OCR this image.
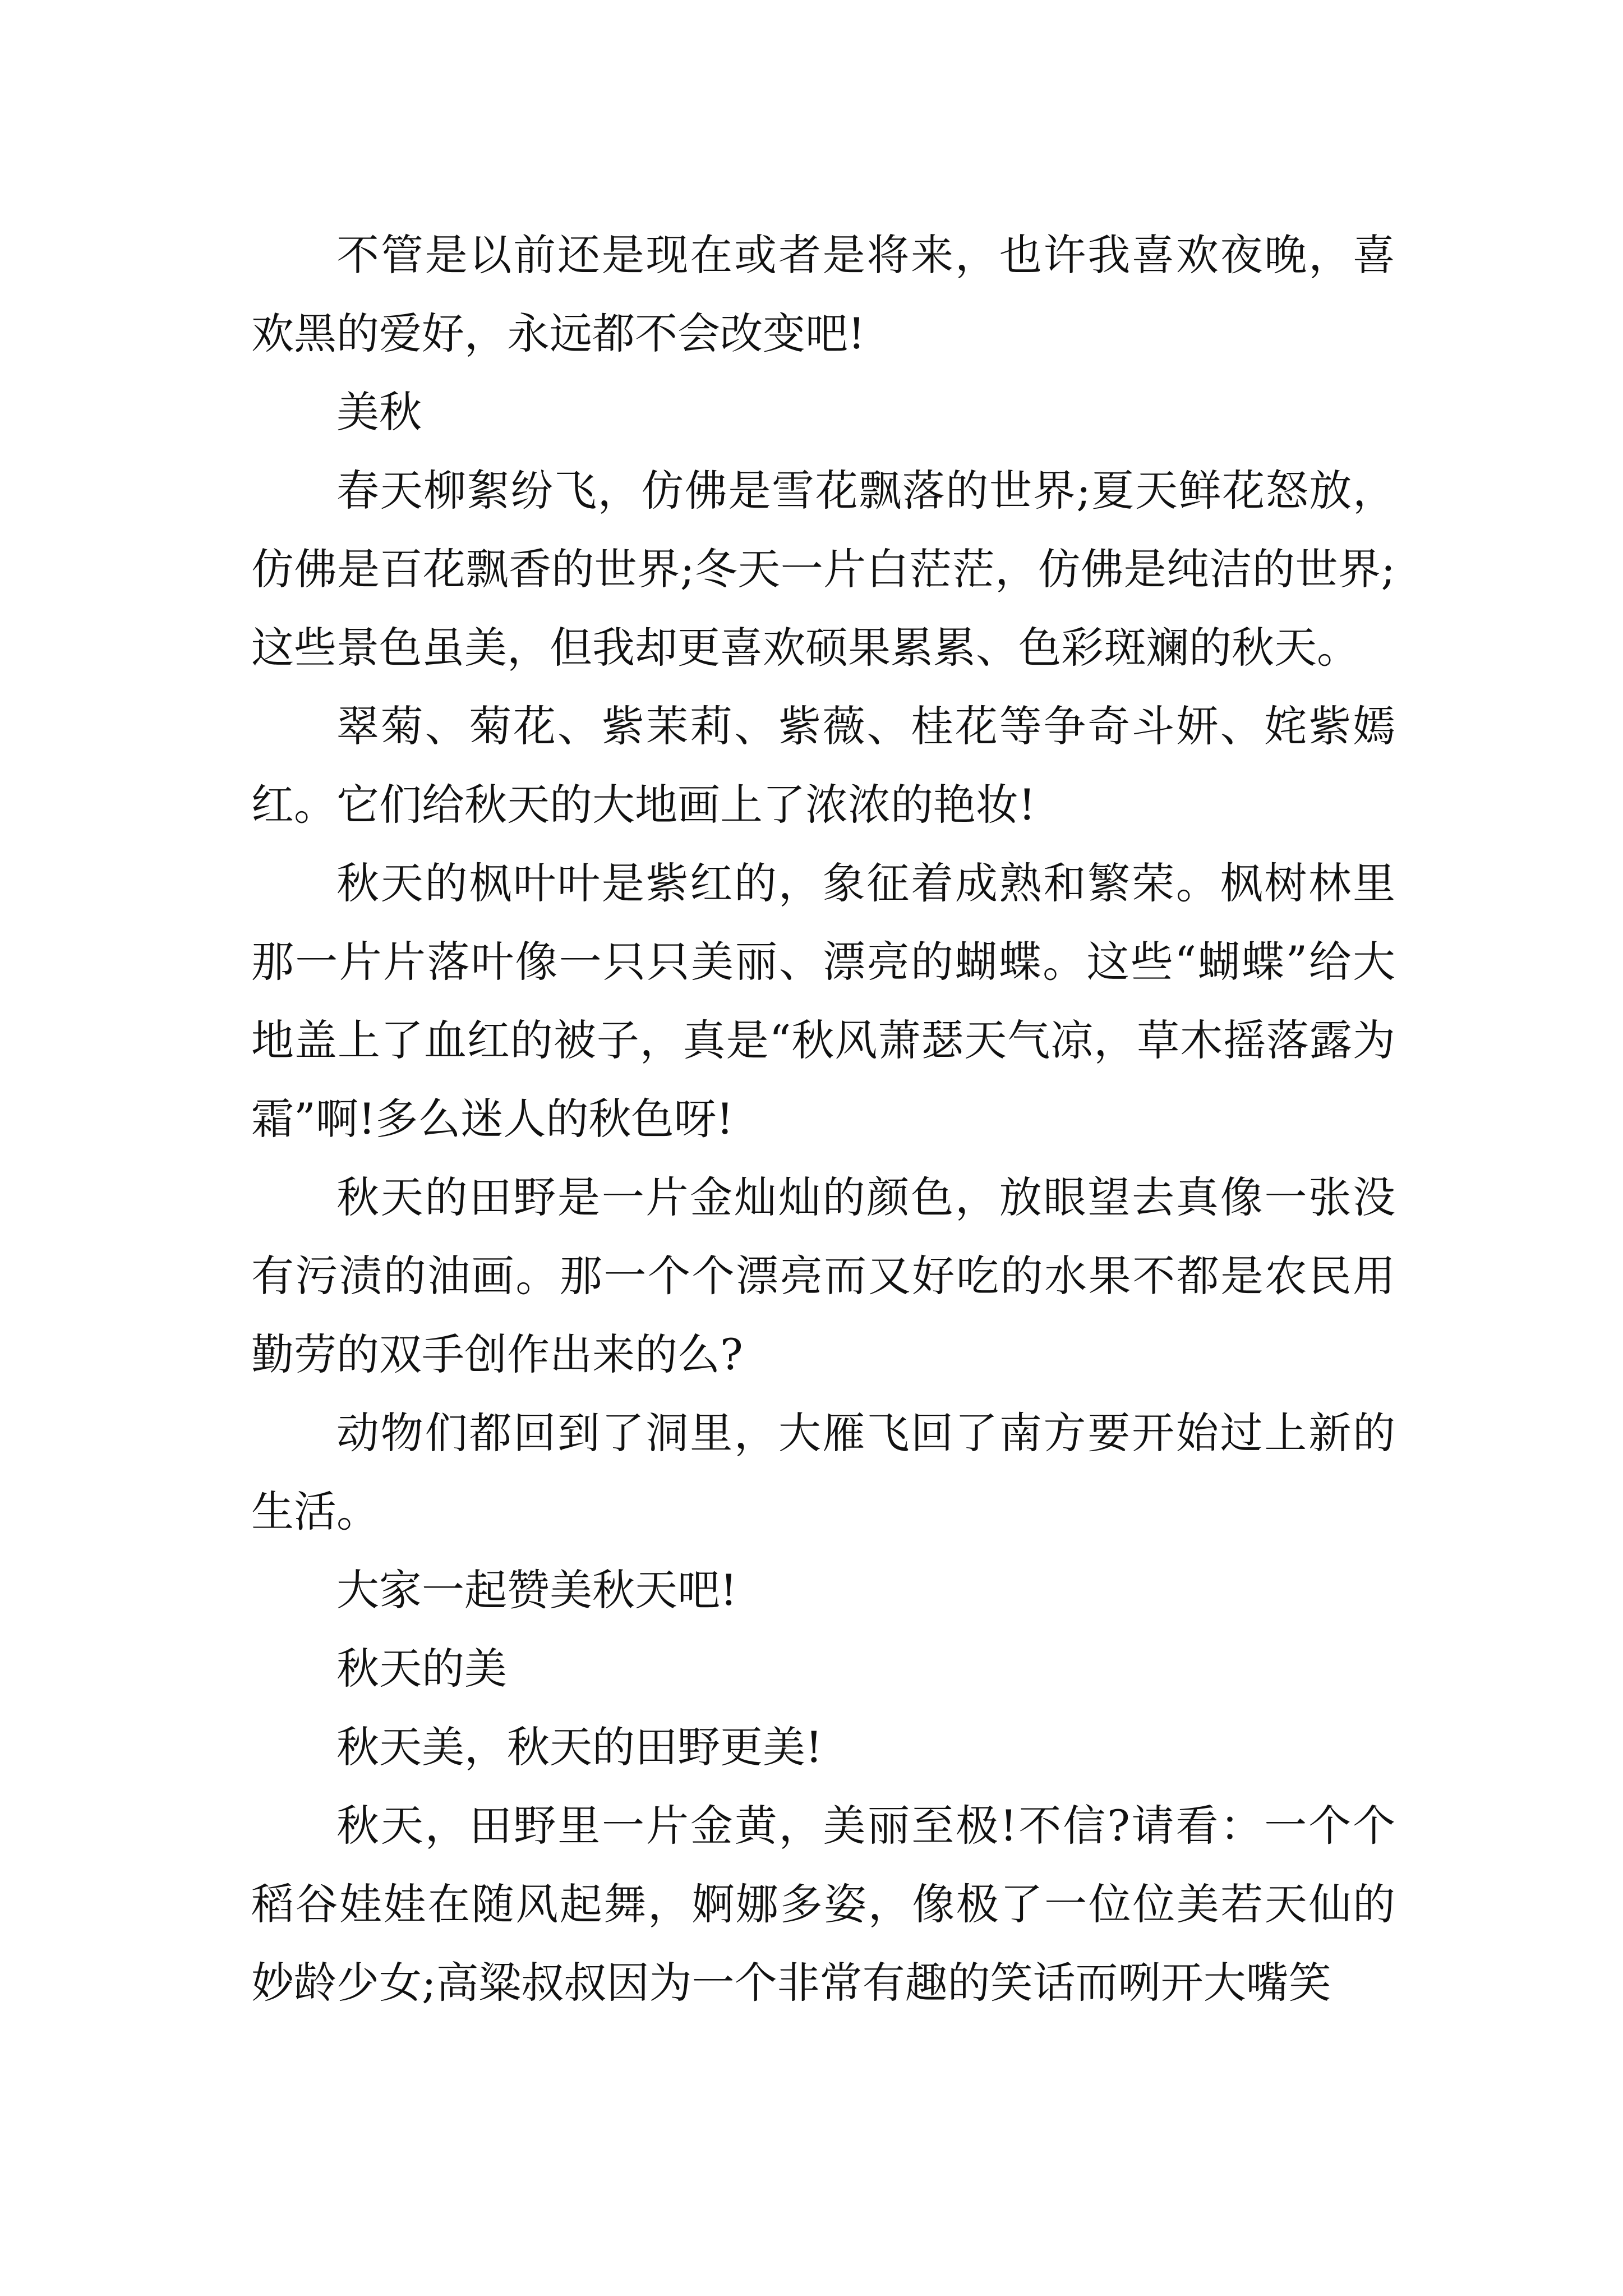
不管是以前还是现在或者是将来，也许我喜欢夜晚，喜欢黑的爱好，永远都不会改变吧!

美秋

春天柳絮纷飞，仿佛是雪花飘落的世界;夏天鲜花怒放，仿佛是百花飘香的世界;冬天一片白茫茫，仿佛是纯洁的世界;这些景色虽美，但我却更喜欢硕果累累、色彩斑斓的秋天。

翠菊、菊花、紫茉莉、紫薇、桂花等争奇斗妍、姹紫嫣红。它们给秋天的大地画上了浓浓的艳妆!

秋天的枫叶叶是紫红的，象征着成熟和繁荣。枫树林里那一片片落叶像一只只美丽、漂亮的蝴蝶。这些“蝴蝶”给大地盖上了血红的被子，真是“秋风萧瑟天气凉，草木摇落露为霜”啊!多么迷人的秋色呀!

秋天的田野是一片金灿灿的颜色，放眼望去真像一张没有污渍的油画。那一个个漂亮而又好吃的水果不都是农民用勤劳的双手创作出来的么?

动物们都回到了洞里，大雁飞回了南方要开始过上新的生活。

大家一起赞美秋天吧!

秋天的美

秋天美，秋天的田野更美!

秋天，田野里一片金黄，美丽至极!不信?请看：一个个稻谷娃娃在随风起舞，婀娜多姿，像极了一位位美若天仙的妙龄少女;高粱叔叔因为一个非常有趣的笑话而咧开大嘴笑
